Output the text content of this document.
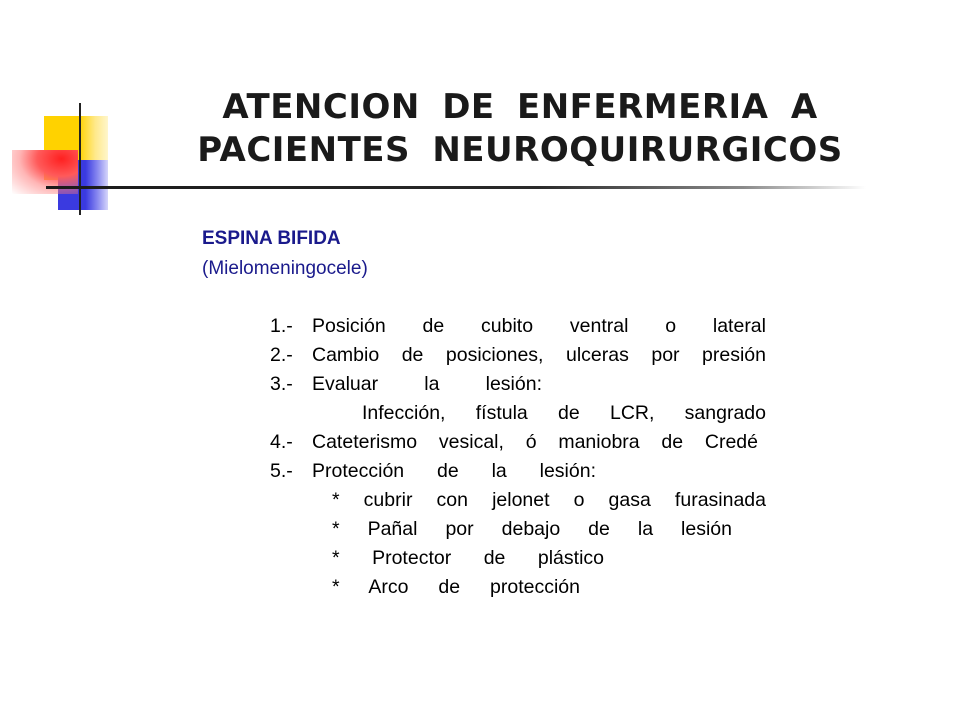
ATENCION DE ENFERMERIA A
PACIENTES NEUROQUIRURGICOS
ESPINA BIFIDA
(Mielomeningocele)
1.- Posición de cubito ventral o lateral
2.- Cambio de posiciones, ulceras por presión
3.- Evaluar la lesión:
Infección, fístula de LCR, sangrado
4.- Cateterismo vesical, ó maniobra de Credé
5.- Protección de la lesión:
* cubrir con jelonet o gasa furasinada
* Pañal por debajo de la lesión
* Protector de plástico
* Arco de protección
